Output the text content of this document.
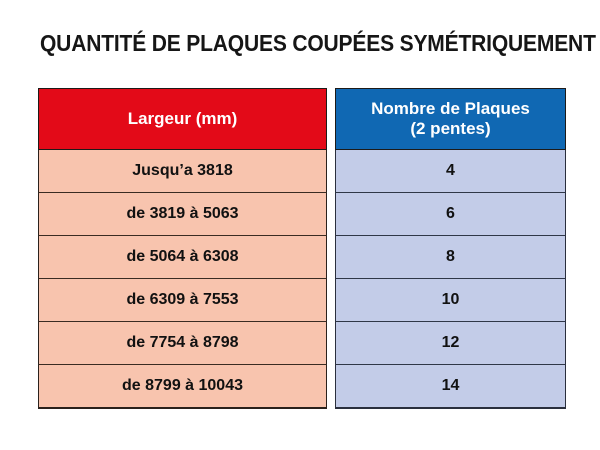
QUANTITÉ DE PLAQUES COUPÉES SYMÉTRIQUEMENT
Largeur (mm)		Nombre de Plaques
(2 pentes)

Jusqu’a 3818		4
de 3819 à 5063		6
de 5064 à 6308		8
de 6309 à 7553		10
de 7754 à 8798		12
de 8799 à 10043		14
